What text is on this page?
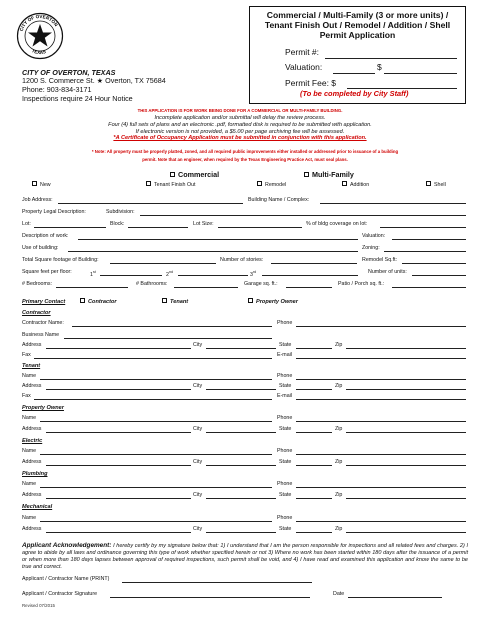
CITY OF OVERTON
TEXAS
CITY OF OVERTON, TEXAS
1200 S. Commerce St. ★ Overton, TX 75684
Phone: 903-834-3171
Inspections require 24 Hour Notice
Commercial / Multi-Family (3 or more units) /
Tenant Finish Out / Remodel / Addition / Shell
Permit Application
Permit #:
Valuation:	$
Permit Fee: $
(To be completed by City Staff)
THIS APPLICATION IS FOR WORK BEING DONE FOR A COMMERCIAL OR MULTI-FAMILY BUILDING.
Incomplete application and/or submittal will delay the review process.
Four (4) full sets of plans and an electronic .pdf, formatted disk is required to be submitted with application.
If electronic version is not provided, a $5.00 per page archiving fee will be assessed.
*A Certificate of Occupancy Application must be submitted in conjunction with this application.
* Note: All property must be properly platted, zoned, and all required public improvements either installed or addressed prior to issuance of a building
permit. Note that an engineer, when required by the Texas Engineering Practice Act, must seal plans.
Commercial	Multi-Family
New	Tenant Finish Out	Remodel	Addition	Shell
Job Address:	Building Name / Complex:
Property Legal Description:	Subdivision:
Lot:	Block:	Lot Size:	% of bldg coverage on lot:
Description of work:	Valuation:
Use of building:	Zoning:
Total Square footage of Building:	Number of stories:	Remodel Sq.ft:
Square feet per floor:	1st	2nd	3rd	Number of units:
# Bedrooms:	# Bathrooms:	Garage sq. ft.:	Patio / Porch sq. ft.:
Primary Contact	Contractor	Tenant	Property Owner
Contractor
Contractor Name:	Phone
Business Name
Address	City	State	Zip
Fax	E-mail
Tenant
Name	Phone
Address	City	State	Zip
Fax	E-mail
Property Owner
Name	Phone
Address	City	State	Zip
Electric
Name	Phone
Address	City	State	Zip
Plumbing
Name	Phone
Address	City	State	Zip
Mechanical
Name	Phone
Address	City	State	Zip
Applicant Acknowledgement: I hereby certify by my signature below that: 1) I understand that I am the person responsible for inspections and all related fees and charges. 2) I agree to abide by all laws and ordinance governing this type of work whether specified herein or not 3) Where no work has been started within 180 days after the issuance of a permit or when more than 180 days lapses between approval of required inspections, such permit shall be void, and 4) I have read and examined this application and know the same to be true and correct.
Applicant / Contractor Name (PRINT)
Applicant / Contractor Signature	Date
Revised 07/2015
